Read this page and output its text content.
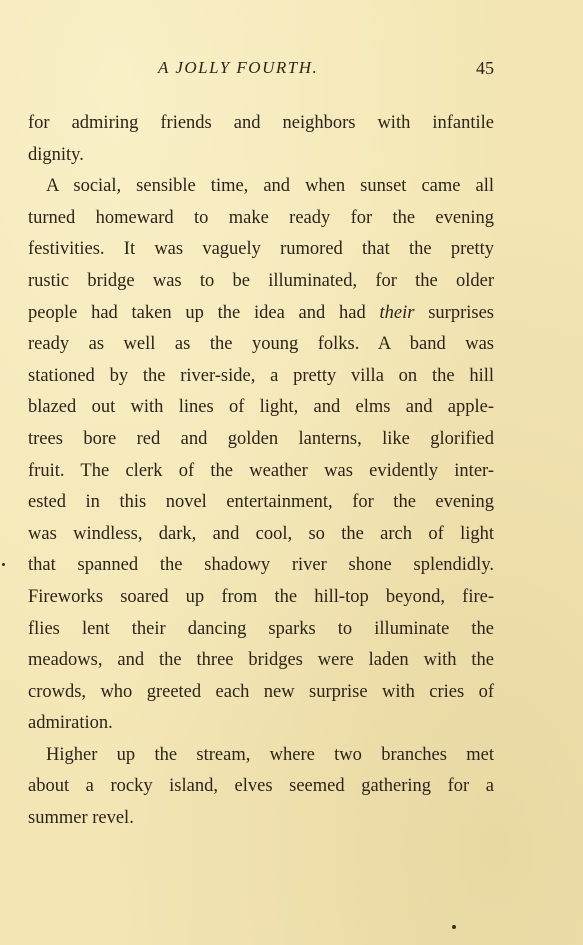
A JOLLY FOURTH.	45
for admiring friends and neighbors with infantile
dignity.
A social, sensible time, and when sunset came all
turned homeward to make ready for the evening
festivities. It was vaguely rumored that the pretty
rustic bridge was to be illuminated, for the older
people had taken up the idea and had their surprises
ready as well as the young folks. A band was
stationed by the river-side, a pretty villa on the hill
blazed out with lines of light, and elms and apple-
trees bore red and golden lanterns, like glorified
fruit. The clerk of the weather was evidently inter-
ested in this novel entertainment, for the evening
was windless, dark, and cool, so the arch of light
that spanned the shadowy river shone splendidly.
Fireworks soared up from the hill-top beyond, fire-
flies lent their dancing sparks to illuminate the
meadows, and the three bridges were laden with the
crowds, who greeted each new surprise with cries of
admiration.
Higher up the stream, where two branches met
about a rocky island, elves seemed gathering for a
summer revel.
